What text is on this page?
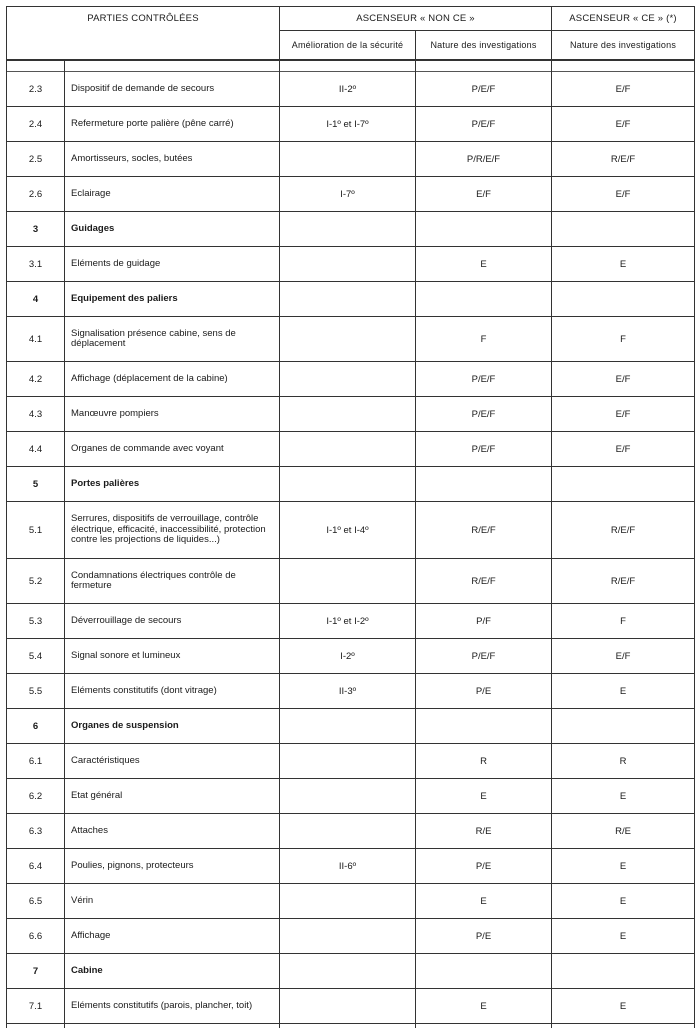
PARTIES CONTRÔLÉES		ASCENSEUR « NON CE »		ASCENSEUR « CE » (*)
		Amélioration de la sécurité	Nature des investigations	Nature des investigations

2.3	Dispositif de demande de secours	II-2º	P/E/F	E/F
2.4	Refermeture porte palière (pêne carré)	I-1º et I-7º	P/E/F	E/F
2.5	Amortisseurs, socles, butées		P/R/E/F	R/E/F
2.6	Eclairage	I-7º	E/F	E/F
3	Guidages			
3.1	Eléments de guidage		E	E
4	Equipement des paliers			
4.1	Signalisation présence cabine, sens de déplacement		F	F
4.2	Affichage (déplacement de la cabine)		P/E/F	E/F
4.3	Manœuvre pompiers		P/E/F	E/F
4.4	Organes de commande avec voyant		P/E/F	E/F
5	Portes palières			
5.1	Serrures, dispositifs de verrouillage, contrôle électrique, efficacité, inaccessibilité, protection contre les projections de liquides...)	I-1º et I-4º	R/E/F	R/E/F
5.2	Condamnations électriques contrôle de fermeture		R/E/F	R/E/F
5.3	Déverrouillage de secours	I-1º et I-2º	P/F	F
5.4	Signal sonore et lumineux	I-2º	P/E/F	E/F
5.5	Eléments constitutifs (dont vitrage)	II-3º	P/E	E
6	Organes de suspension			
6.1	Caractéristiques		R	R
6.2	Etat général		E	E
6.3	Attaches		R/E	R/E
6.4	Poulies, pignons, protecteurs	II-6º	P/E	E
6.5	Vérin		E	E
6.6	Affichage		P/E	E
7	Cabine			
7.1	Eléments constitutifs (parois, plancher, toit)		E	E
